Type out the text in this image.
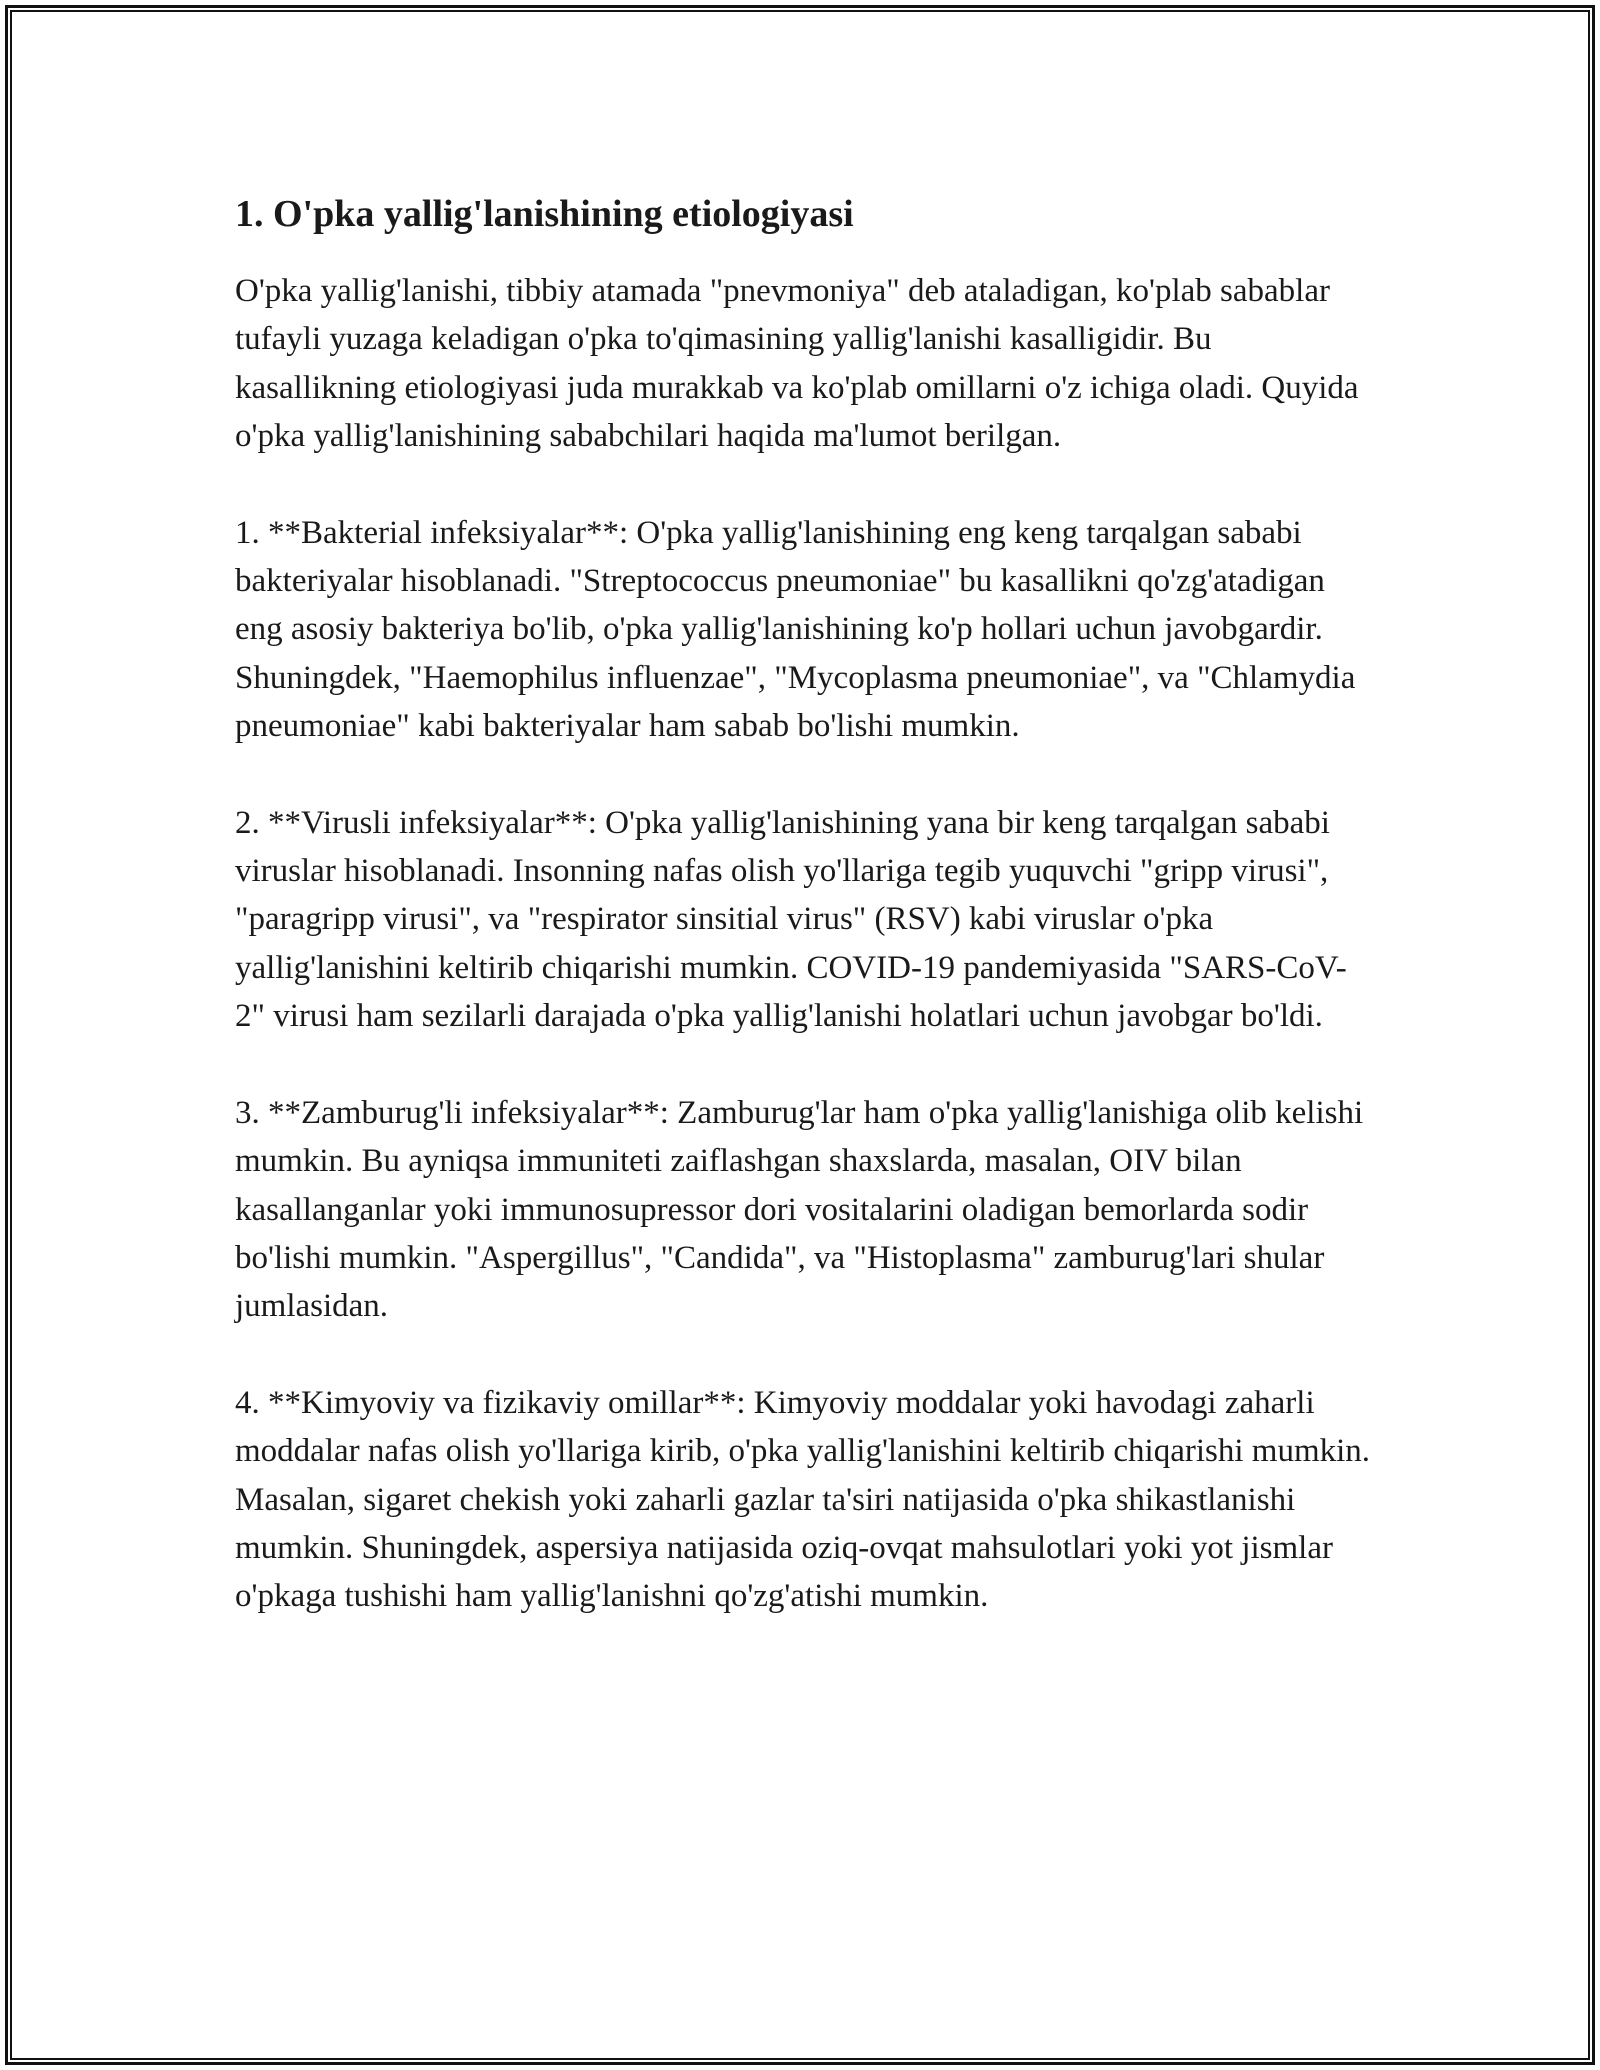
1. O'pka yallig'lanishining etiologiyasi

O'pka yallig'lanishi, tibbiy atamada "pnevmoniya" deb ataladigan, ko'plab sabablar tufayli yuzaga keladigan o'pka to'qimasining yallig'lanishi kasalligidir. Bu kasallikning etiologiyasi juda murakkab va ko'plab omillarni o'z ichiga oladi. Quyida o'pka yallig'lanishining sababchilari haqida ma'lumot berilgan.

1. **Bakterial infeksiyalar**: O'pka yallig'lanishining eng keng tarqalgan sababi bakteriyalar hisoblanadi. "Streptococcus pneumoniae" bu kasallikni qo'zg'atadigan eng asosiy bakteriya bo'lib, o'pka yallig'lanishining ko'p hollari uchun javobgardir. Shuningdek, "Haemophilus influenzae", "Mycoplasma pneumoniae", va "Chlamydia pneumoniae" kabi bakteriyalar ham sabab bo'lishi mumkin.

2. **Virusli infeksiyalar**: O'pka yallig'lanishining yana bir keng tarqalgan sababi viruslar hisoblanadi. Insonning nafas olish yo'llariga tegib yuquvchi "gripp virusi", "paragripp virusi", va "respirator sinsitial virus" (RSV) kabi viruslar o'pka yallig'lanishini keltirib chiqarishi mumkin. COVID-19 pandemiyasida "SARS-CoV-2" virusi ham sezilarli darajada o'pka yallig'lanishi holatlari uchun javobgar bo'ldi.

3. **Zamburug'li infeksiyalar**: Zamburug'lar ham o'pka yallig'lanishiga olib kelishi mumkin. Bu ayniqsa immuniteti zaiflashgan shaxslarda, masalan, OIV bilan kasallanganlar yoki immunosupressor dori vositalarini oladigan bemorlarda sodir bo'lishi mumkin. "Aspergillus", "Candida", va "Histoplasma" zamburug'lari shular jumlasidan.

4. **Kimyoviy va fizikaviy omillar**: Kimyoviy moddalar yoki havodagi zaharli moddalar nafas olish yo'llariga kirib, o'pka yallig'lanishini keltirib chiqarishi mumkin. Masalan, sigaret chekish yoki zaharli gazlar ta'siri natijasida o'pka shikastlanishi mumkin. Shuningdek, aspersiya natijasida oziq-ovqat mahsulotlari yoki yot jismlar o'pkaga tushishi ham yallig'lanishni qo'zg'atishi mumkin.
